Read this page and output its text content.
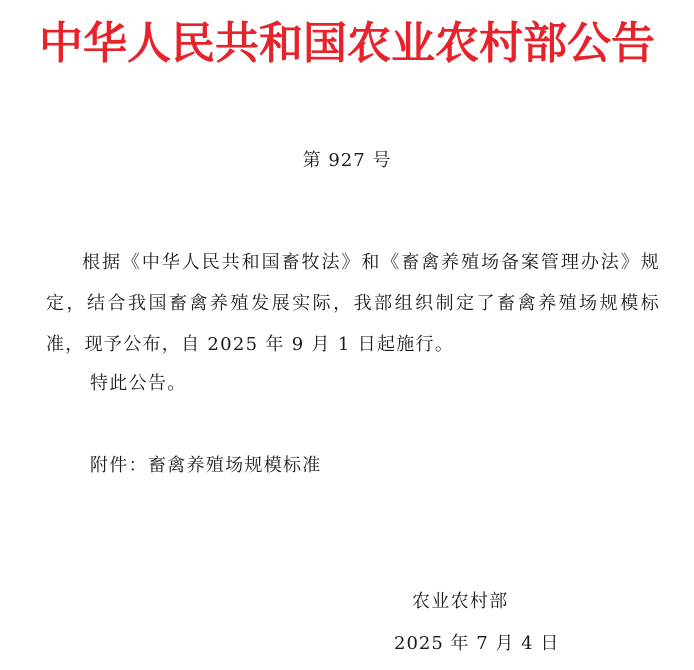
中华人民共和国农业农村部公告
第 927 号
根据《中华人民共和国畜牧法》和《畜禽养殖场备案管理办法》规定，结合我国畜禽养殖发展实际，我部组织制定了畜禽养殖场规模标准，现予公布，自 2025 年 9 月 1 日起施行。
特此公告。
附件：畜禽养殖场规模标准
农业农村部
2025 年 7 月 4 日
